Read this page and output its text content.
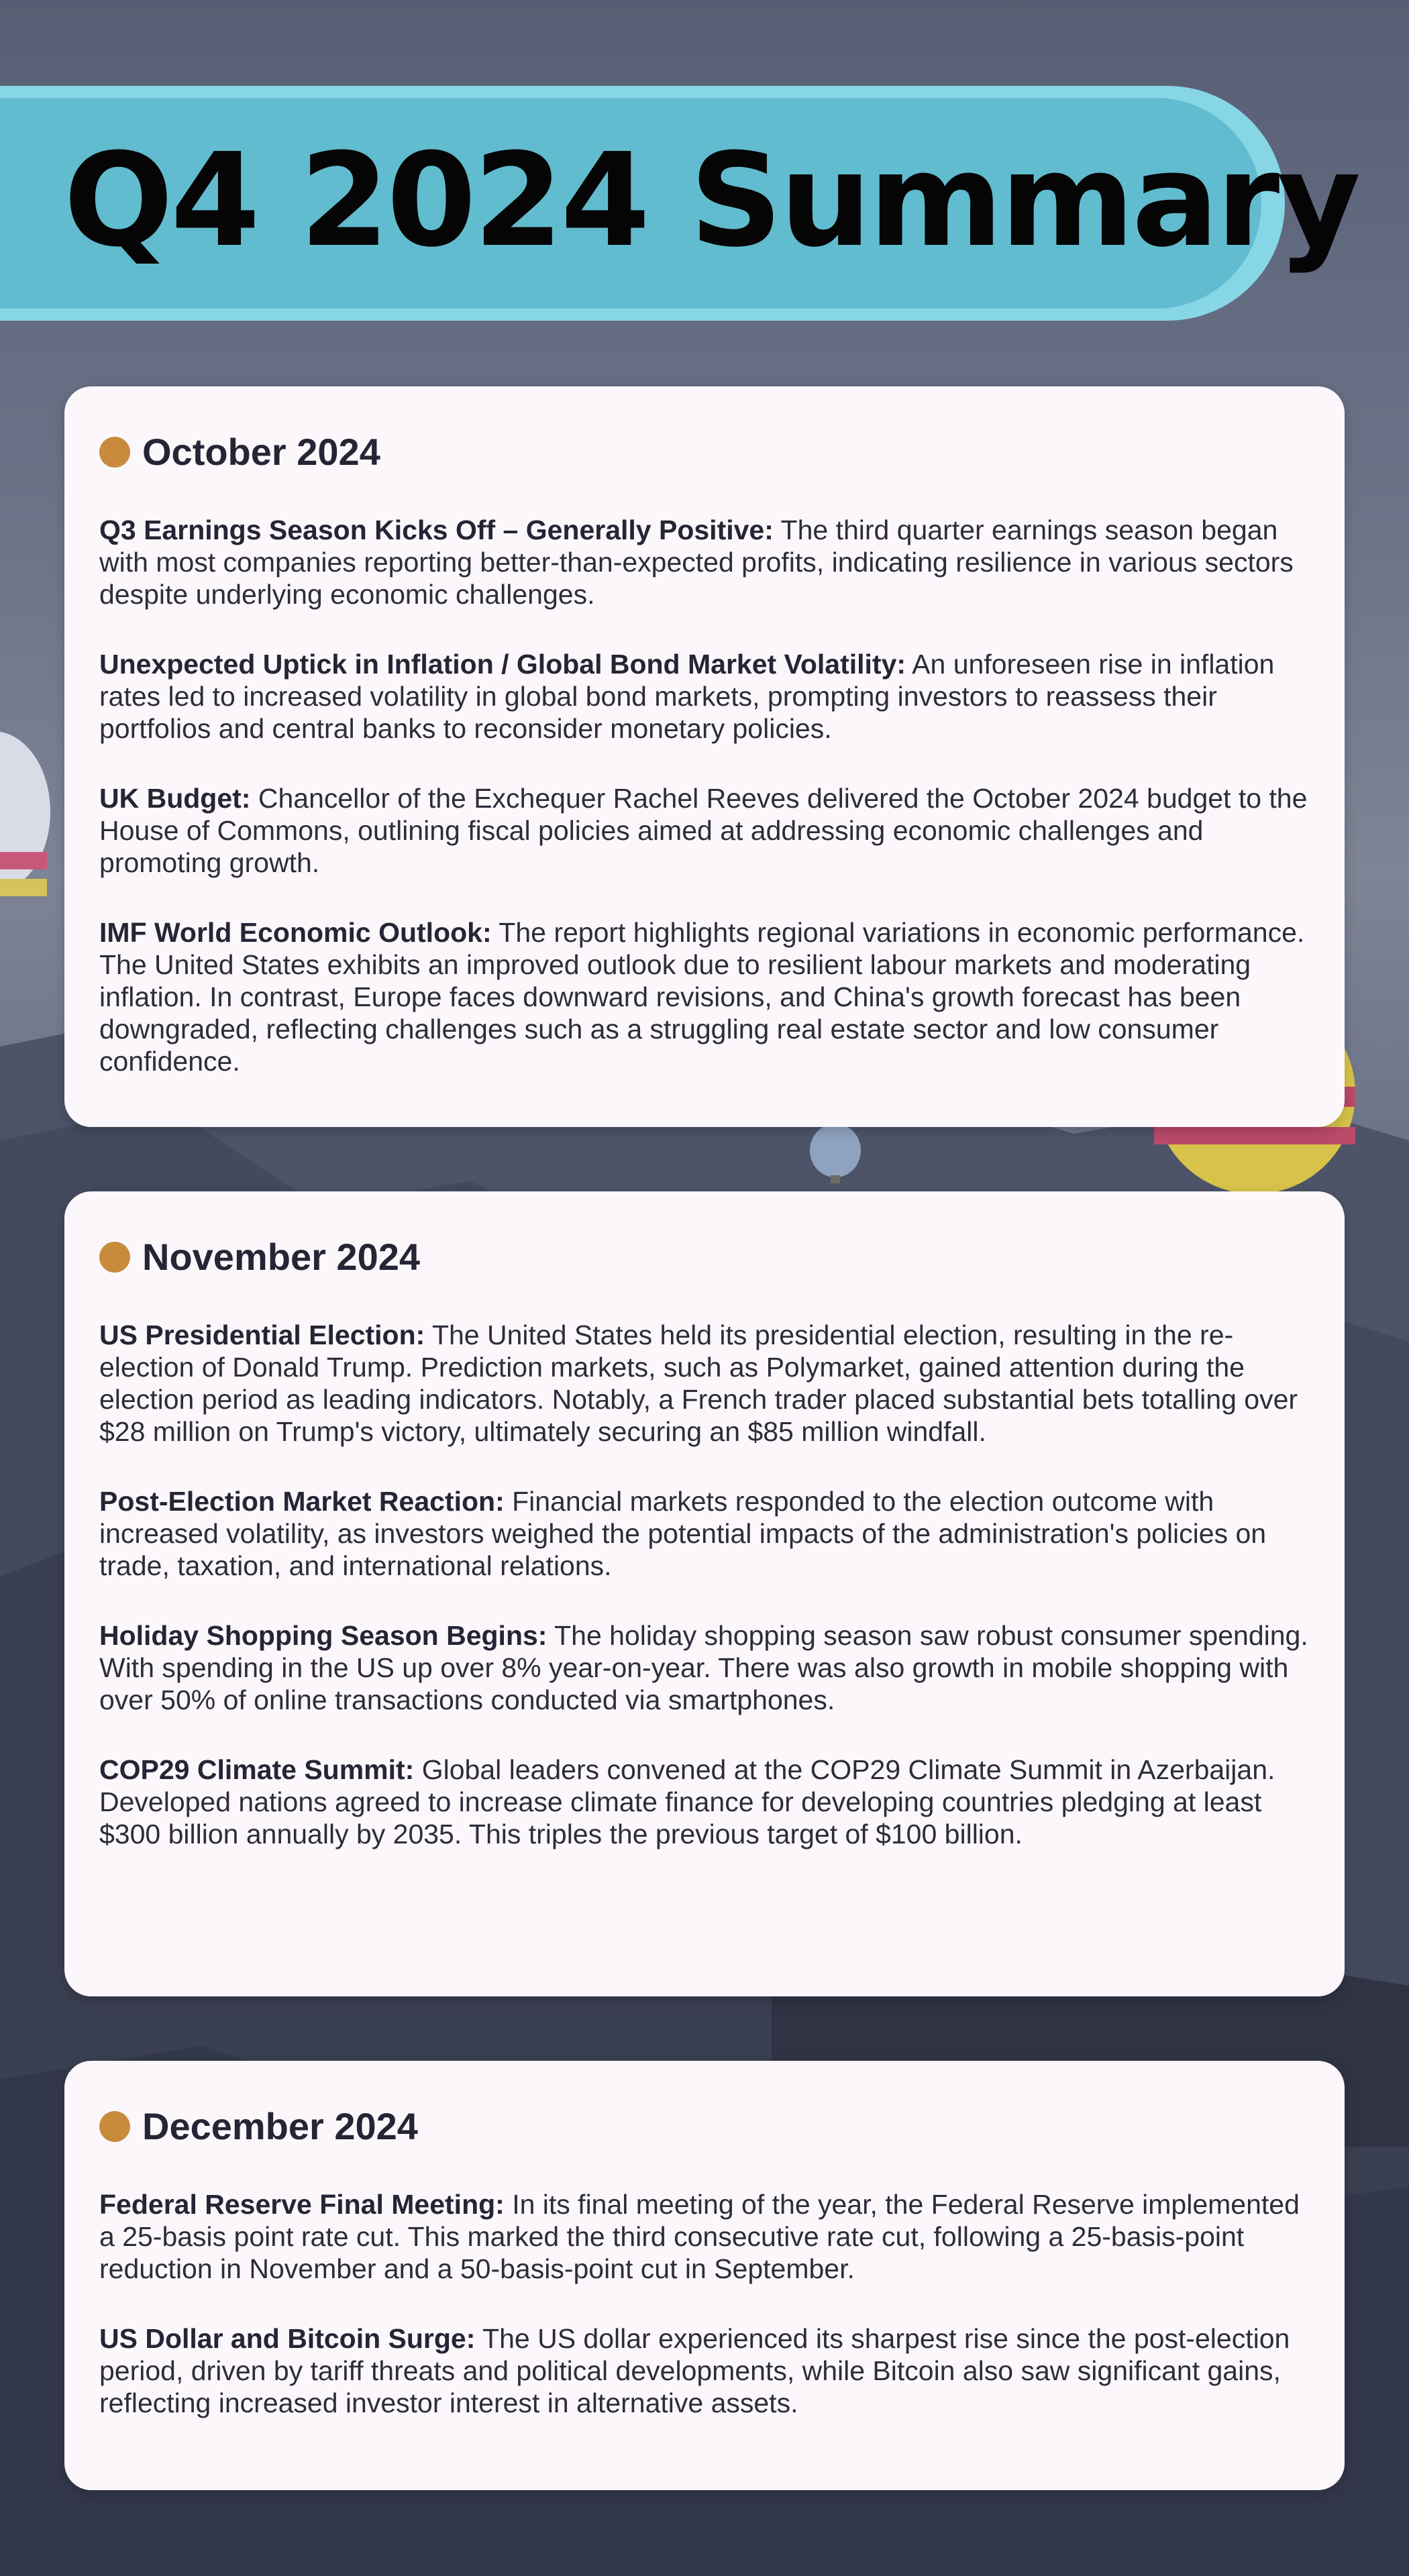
Q4 2024 Summary
October 2024

Q3 Earnings Season Kicks Off – Generally Positive: The third quarter earnings season began with most companies reporting better-than-expected profits, indicating resilience in various sectors despite underlying economic challenges.

Unexpected Uptick in Inflation / Global Bond Market Volatility: An unforeseen rise in inflation rates led to increased volatility in global bond markets, prompting investors to reassess their portfolios and central banks to reconsider monetary policies.

UK Budget: Chancellor of the Exchequer Rachel Reeves delivered the October 2024 budget to the House of Commons, outlining fiscal policies aimed at addressing economic challenges and promoting growth.

IMF World Economic Outlook: The report highlights regional variations in economic performance. The United States exhibits an improved outlook due to resilient labour markets and moderating inflation. In contrast, Europe faces downward revisions, and China's growth forecast has been downgraded, reflecting challenges such as a struggling real estate sector and low consumer confidence.

November 2024

US Presidential Election: The United States held its presidential election, resulting in the re-election of Donald Trump. Prediction markets, such as Polymarket, gained attention during the election period as leading indicators. Notably, a French trader placed substantial bets totalling over $28 million on Trump's victory, ultimately securing an $85 million windfall.

Post-Election Market Reaction: Financial markets responded to the election outcome with increased volatility, as investors weighed the potential impacts of the administration's policies on trade, taxation, and international relations.

Holiday Shopping Season Begins: The holiday shopping season saw robust consumer spending. With spending in the US up over 8% year-on-year. There was also growth in mobile shopping with over 50% of online transactions conducted via smartphones.

COP29 Climate Summit: Global leaders convened at the COP29 Climate Summit in Azerbaijan. Developed nations agreed to increase climate finance for developing countries pledging at least $300 billion annually by 2035. This triples the previous target of $100 billion.

December 2024

Federal Reserve Final Meeting: In its final meeting of the year, the Federal Reserve implemented a 25-basis point rate cut. This marked the third consecutive rate cut, following a 25-basis-point reduction in November and a 50-basis-point cut in September.

US Dollar and Bitcoin Surge: The US dollar experienced its sharpest rise since the post-election period, driven by tariff threats and political developments, while Bitcoin also saw significant gains, reflecting increased investor interest in alternative assets.
